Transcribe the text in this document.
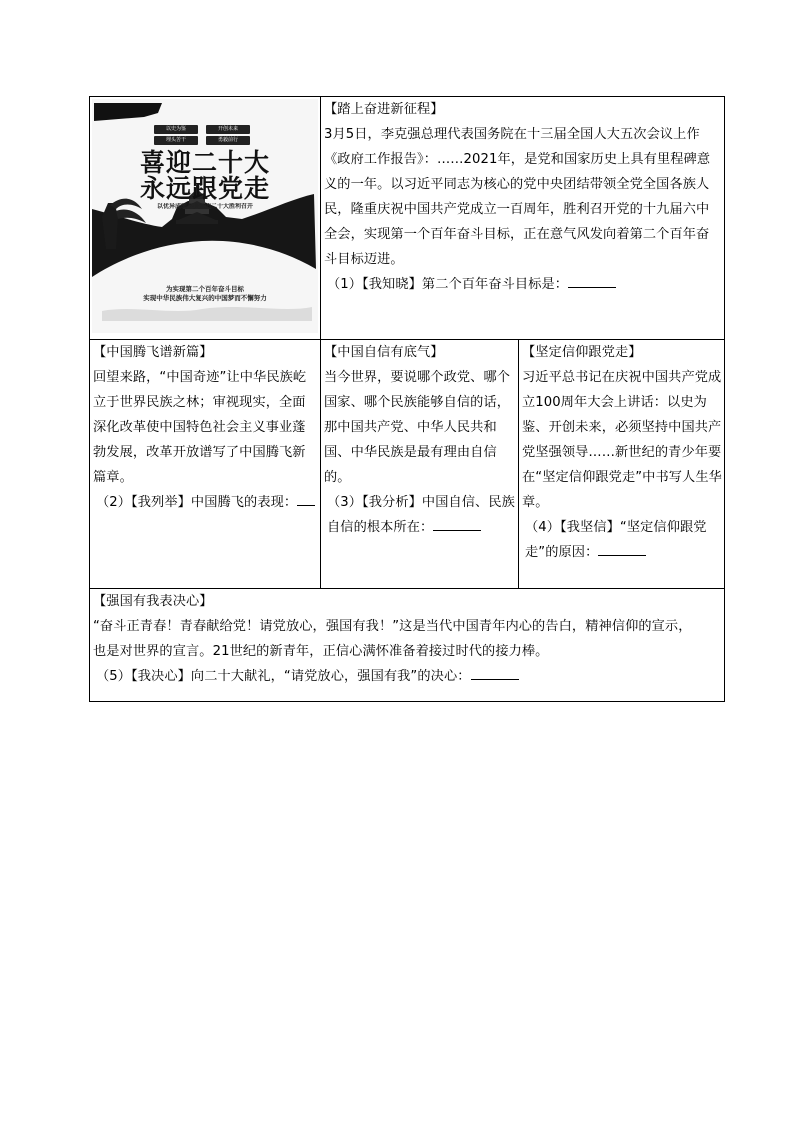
以史为鉴	开创未来
埋头苦干	勇毅前行
喜迎二十大
永远跟党走
以优异成绩迎接党的二十大胜利召开
为实现第二个百年奋斗目标
实现中华民族伟大复兴的中国梦而不懈努力
【踏上奋进新征程】
3月5日，李克强总理代表国务院在十三届全国人大五次会议上作《政府工作报告》：……2021年，是党和国家历史上具有里程碑意义的一年。以习近平同志为核心的党中央团结带领全党全国各族人民，隆重庆祝中国共产党成立一百周年，胜利召开党的十九届六中全会，实现第一个百年奋斗目标，正在意气风发向着第二个百年奋斗目标迈进。
（1）【我知晓】第二个百年奋斗目标是：
【中国腾飞谱新篇】
回望来路，“中国奇迹”让中华民族屹立于世界民族之林；审视现实，全面深化改革使中国特色社会主义事业蓬勃发展，改革开放谱写了中国腾飞新篇章。
（2）【我列举】中国腾飞的表现：
【中国自信有底气】
当今世界，要说哪个政党、哪个国家、哪个民族能够自信的话，那中国共产党、中华人民共和国、中华民族是最有理由自信的。
（3）【我分析】中国自信、民族自信的根本所在：
【坚定信仰跟党走】
习近平总书记在庆祝中国共产党成立100周年大会上讲话：以史为鉴、开创未来，必须坚持中国共产党坚强领导……新世纪的青少年要在“坚定信仰跟党走”中书写人生华章。
（4）【我坚信】“坚定信仰跟党走”的原因：
【强国有我表决心】
“奋斗正青春！青春献给党！请党放心，强国有我！”这是当代中国青年内心的告白，精神信仰的宣示，
也是对世界的宣言。21世纪的新青年，正信心满怀准备着接过时代的接力棒。
（5）【我决心】向二十大献礼，“请党放心，强国有我”的决心：
